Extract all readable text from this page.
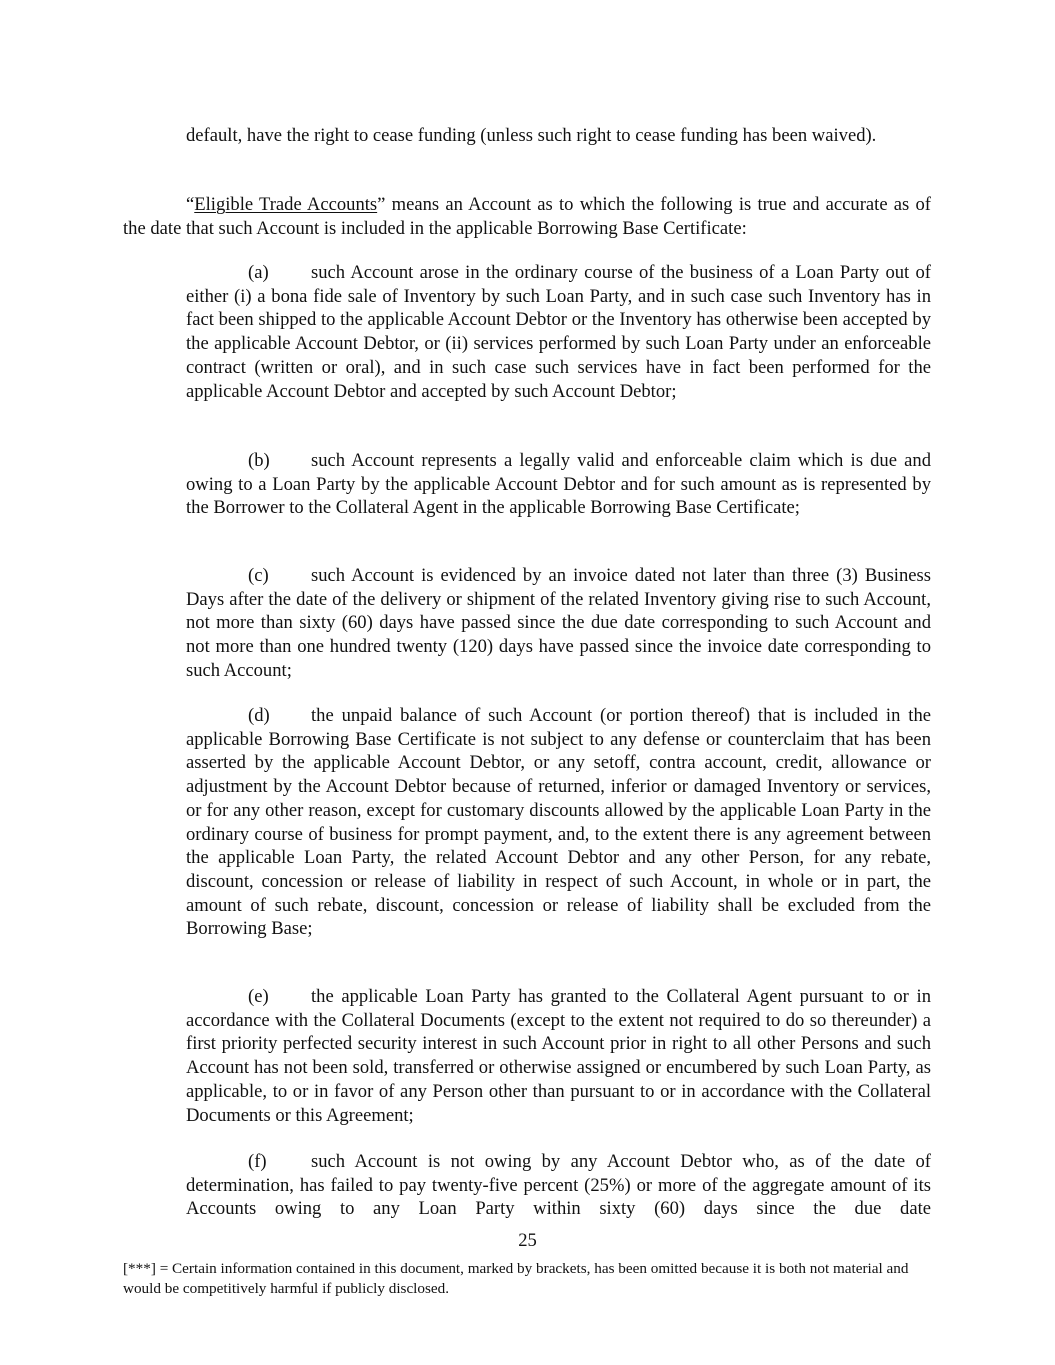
default, have the right to cease funding (unless such right to cease funding has been waived).

“Eligible Trade Accounts” means an Account as to which the following is true and accurate as of the date that such Account is included in the applicable Borrowing Base Certificate:

(a) such Account arose in the ordinary course of the business of a Loan Party out of either (i) a bona fide sale of Inventory by such Loan Party, and in such case such Inventory has in fact been shipped to the applicable Account Debtor or the Inventory has otherwise been accepted by the applicable Account Debtor, or (ii) services performed by such Loan Party under an enforceable contract (written or oral), and in such case such services have in fact been performed for the applicable Account Debtor and accepted by such Account Debtor;

(b) such Account represents a legally valid and enforceable claim which is due and owing to a Loan Party by the applicable Account Debtor and for such amount as is represented by the Borrower to the Collateral Agent in the applicable Borrowing Base Certificate;

(c) such Account is evidenced by an invoice dated not later than three (3) Business Days after the date of the delivery or shipment of the related Inventory giving rise to such Account, not more than sixty (60) days have passed since the due date corresponding to such Account and not more than one hundred twenty (120) days have passed since the invoice date corresponding to such Account;

(d) the unpaid balance of such Account (or portion thereof) that is included in the applicable Borrowing Base Certificate is not subject to any defense or counterclaim that has been asserted by the applicable Account Debtor, or any setoff, contra account, credit, allowance or adjustment by the Account Debtor because of returned, inferior or damaged Inventory or services, or for any other reason, except for customary discounts allowed by the applicable Loan Party in the ordinary course of business for prompt payment, and, to the extent there is any agreement between the applicable Loan Party, the related Account Debtor and any other Person, for any rebate, discount, concession or release of liability in respect of such Account, in whole or in part, the amount of such rebate, discount, concession or release of liability shall be excluded from the Borrowing Base;

(e) the applicable Loan Party has granted to the Collateral Agent pursuant to or in accordance with the Collateral Documents (except to the extent not required to do so thereunder) a first priority perfected security interest in such Account prior in right to all other Persons and such Account has not been sold, transferred or otherwise assigned or encumbered by such Loan Party, as applicable, to or in favor of any Person other than pursuant to or in accordance with the Collateral Documents or this Agreement;

(f) such Account is not owing by any Account Debtor who, as of the date of determination, has failed to pay twenty-five percent (25%) or more of the aggregate amount of its Accounts owing to any Loan Party within sixty (60) days since the due date

25
[***] = Certain information contained in this document, marked by brackets, has been omitted because it is both not material and would be competitively harmful if publicly disclosed.
